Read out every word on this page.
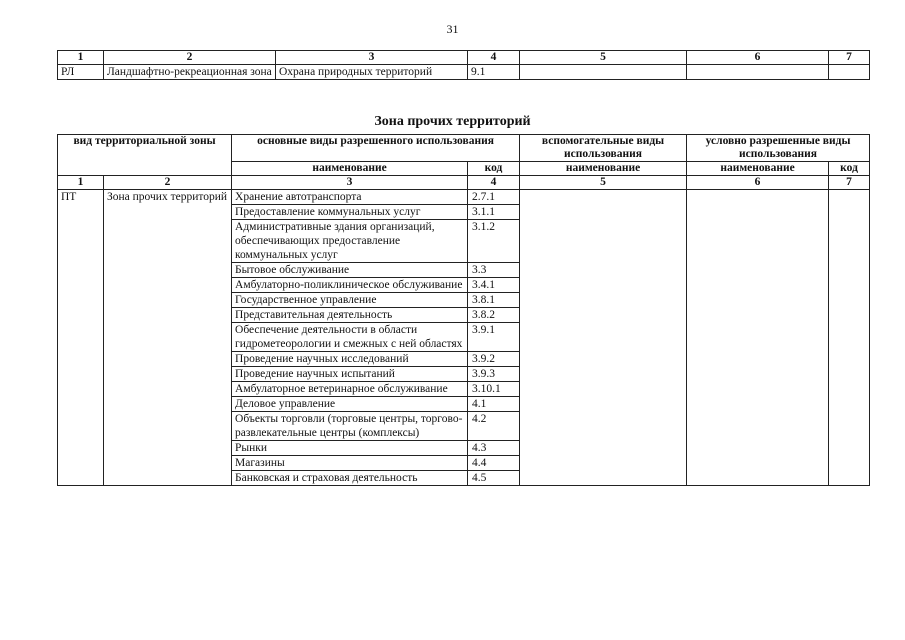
31
1	2	3	4	5	6	7
РЛ	Ландшафтно-рекреационная зона	Охрана природных территорий	9.1			
Зона прочих территорий
вид территориальной зоны		основные виды разрешенного использования		вспомогательные виды использования	условно разрешенные виды использования	
		наименование	код	наименование	наименование	код
1	2	3	4	5	6	7
ПТ	Зона прочих территорий	Хранение автотранспорта	2.7.1			
		Предоставление коммунальных услуг	3.1.1			
		Административные здания организаций, обеспечивающих предоставление коммунальных услуг	3.1.2			
		Бытовое обслуживание	3.3			
		Амбулаторно-поликлиническое обслуживание	3.4.1			
		Государственное управление	3.8.1			
		Представительная деятельность	3.8.2			
		Обеспечение деятельности в области гидрометеорологии и смежных с ней областях	3.9.1			
		Проведение научных исследований	3.9.2			
		Проведение научных испытаний	3.9.3			
		Амбулаторное ветеринарное обслуживание	3.10.1			
		Деловое управление	4.1			
		Объекты торговли (торговые центры, торгово-развлекательные центры (комплексы)	4.2			
		Рынки	4.3			
		Магазины	4.4			
		Банковская и страховая деятельность	4.5			
